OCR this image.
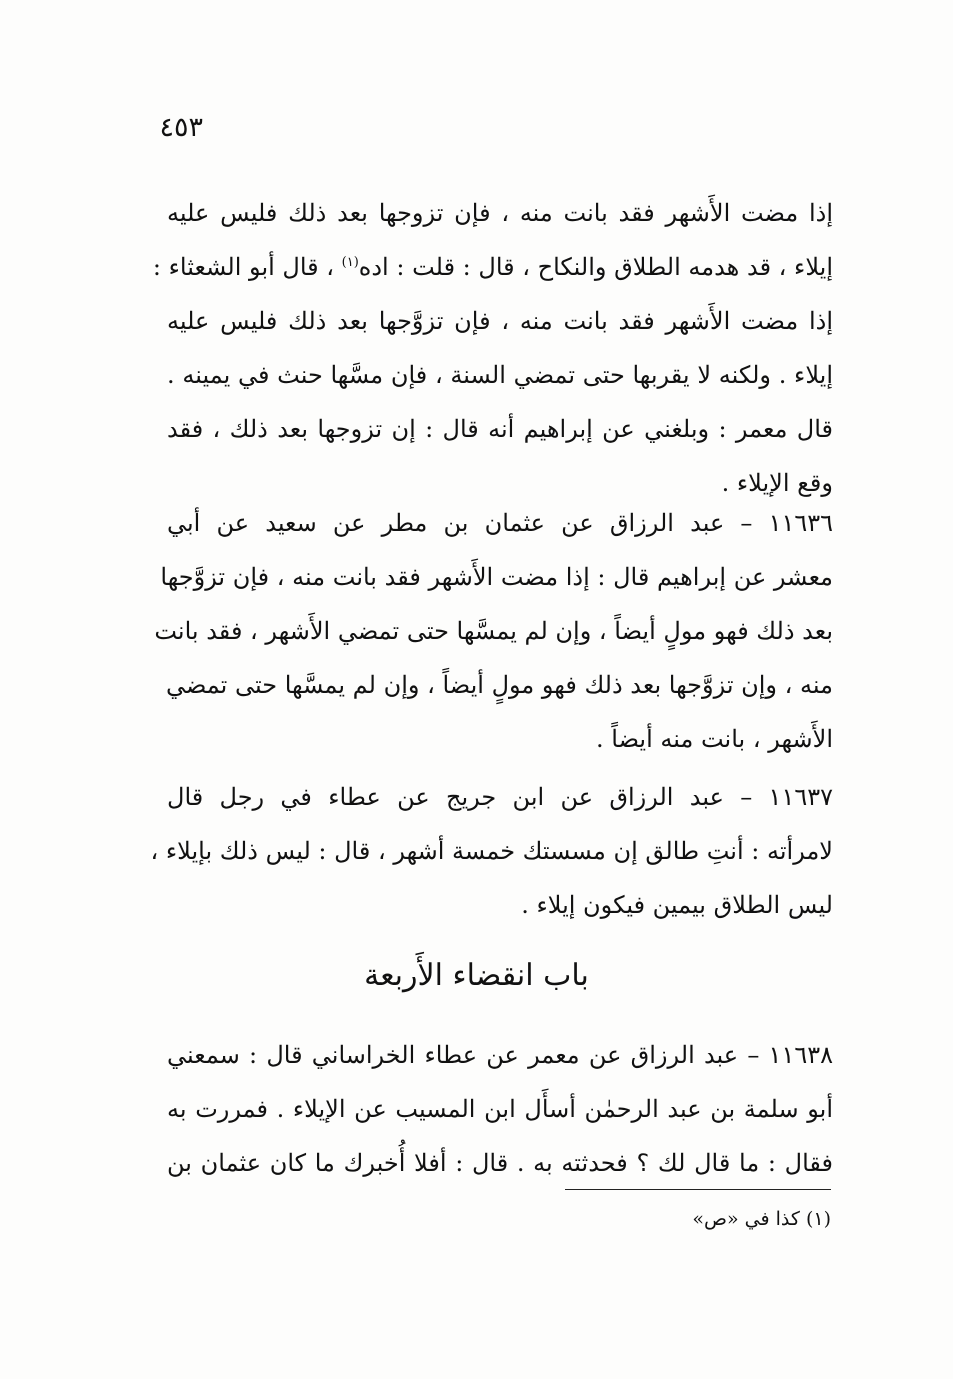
٤٥٣
إذا مضت الأَشهر فقد بانت منه ، فإن تزوجها بعد ذلك فليس عليه
إيلاء ، قد هدمه الطلاق والنكاح ، قال : قلت : اده$^{(١)}$ ، قال أبو الشعثاء :
إذا مضت الأَشهر فقد بانت منه ، فإن تزوَّجها بعد ذلك فليس عليه
إيلاء . ولكنه لا يقربها حتى تمضي السنة ، فإن مسَّها حنث في يمينه .
قال معمر : وبلغني عن إبراهيم أنه قال : إن تزوجها بعد ذلك ، فقد
وقع الإيلاء .
١١٦٣٦ – عبد الرزاق عن عثمان بن مطر عن سعيد عن أبي
معشر عن إبراهيم قال : إذا مضت الأَشهر فقد بانت منه ، فإن تزوَّجها
بعد ذلك فهو مولٍ أيضاً ، وإن لم يمسَّها حتى تمضي الأَشهر ، فقد بانت
منه ، وإن تزوَّجها بعد ذلك فهو مولٍ أيضاً ، وإن لم يمسَّها حتى تمضي
الأَشهر ، بانت منه أيضاً .
١١٦٣٧ – عبد الرزاق عن ابن جريج عن عطاء في رجل قال
لامرأته : أنتِ طالق إن مسستك خمسة أشهر ، قال : ليس ذلك بإيلاء ،
ليس الطلاق بيمين فيكون إيلاء .
باب انقضاء الأَربعة
١١٦٣٨ – عبد الرزاق عن معمر عن عطاء الخراساني قال : سمعني
أبو سلمة بن عبد الرحمٰن أسأَل ابن المسيب عن الإيلاء . فمررت به
فقال : ما قال لك ؟ فحدثته به . قال : أفلا أُخبرك ما كان عثمان بن
(١) كذا في «ص»
